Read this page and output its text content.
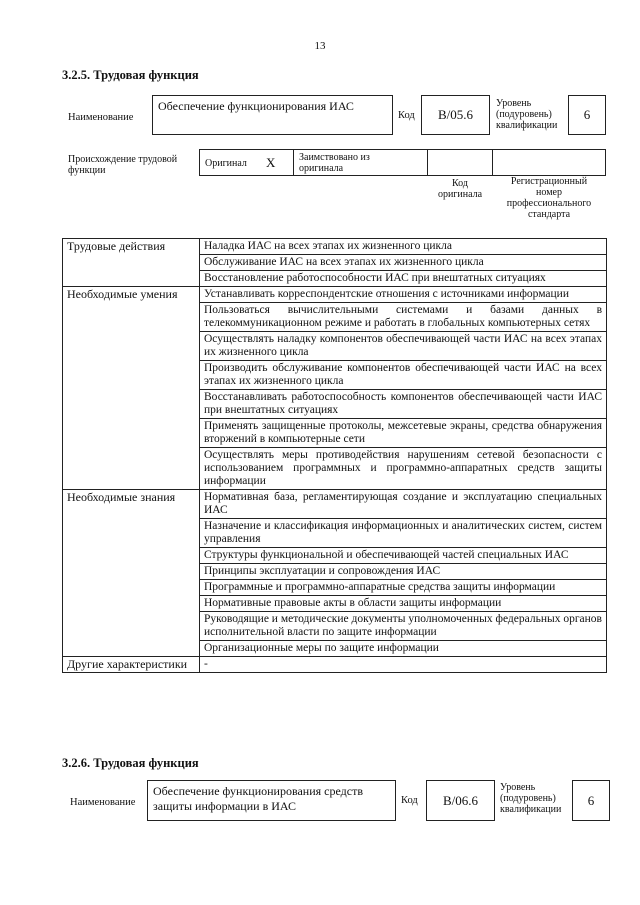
13
3.2.5. Трудовая функция
Наименование
Обеспечение функционирования ИАС
Код	В/05.6
Уровень
(подуровень)
квалификации
6
Происхождение трудовой
функции
Оригинал X Заимствовано из
оригинала
Код
оригинала
Регистрационный
номер
профессионального
стандарта
Трудовые действия	Наладка ИАС на всех этапах их жизненного цикла
	Обслуживание ИАС на всех этапах их жизненного цикла
	Восстановление работоспособности ИАС при внештатных ситуациях
Необходимые умения	Устанавливать корреспондентские отношения с источниками информации
	Пользоваться вычислительными системами и базами данных в телекоммуникационном режиме и работать в глобальных компьютерных сетях
	Осуществлять наладку компонентов обеспечивающей части ИАС на всех этапах их жизненного цикла
	Производить обслуживание компонентов обеспечивающей части ИАС на всех этапах их жизненного цикла
	Восстанавливать работоспособность компонентов обеспечивающей части ИАС при внештатных ситуациях
	Применять защищенные протоколы, межсетевые экраны, средства обнаружения вторжений в компьютерные сети
	Осуществлять меры противодействия нарушениям сетевой безопасности с использованием программных и программно-аппаратных средств защиты информации
Необходимые знания	Нормативная база, регламентирующая создание и эксплуатацию специальных ИАС
	Назначение и классификация информационных и аналитических систем, систем управления
	Структуры функциональной и обеспечивающей частей специальных ИАС
	Принципы эксплуатации и сопровождения ИАС
	Программные и программно-аппаратные средства защиты информации
	Нормативные правовые акты в области защиты информации
	Руководящие и методические документы уполномоченных федеральных органов исполнительной власти по защите информации
	Организационные меры по защите информации
Другие характеристики	-
3.2.6. Трудовая функция
Наименование
Обеспечение функционирования средств защиты информации в ИАС	Код	В/06.6
Уровень
(подуровень)
квалификации
6
